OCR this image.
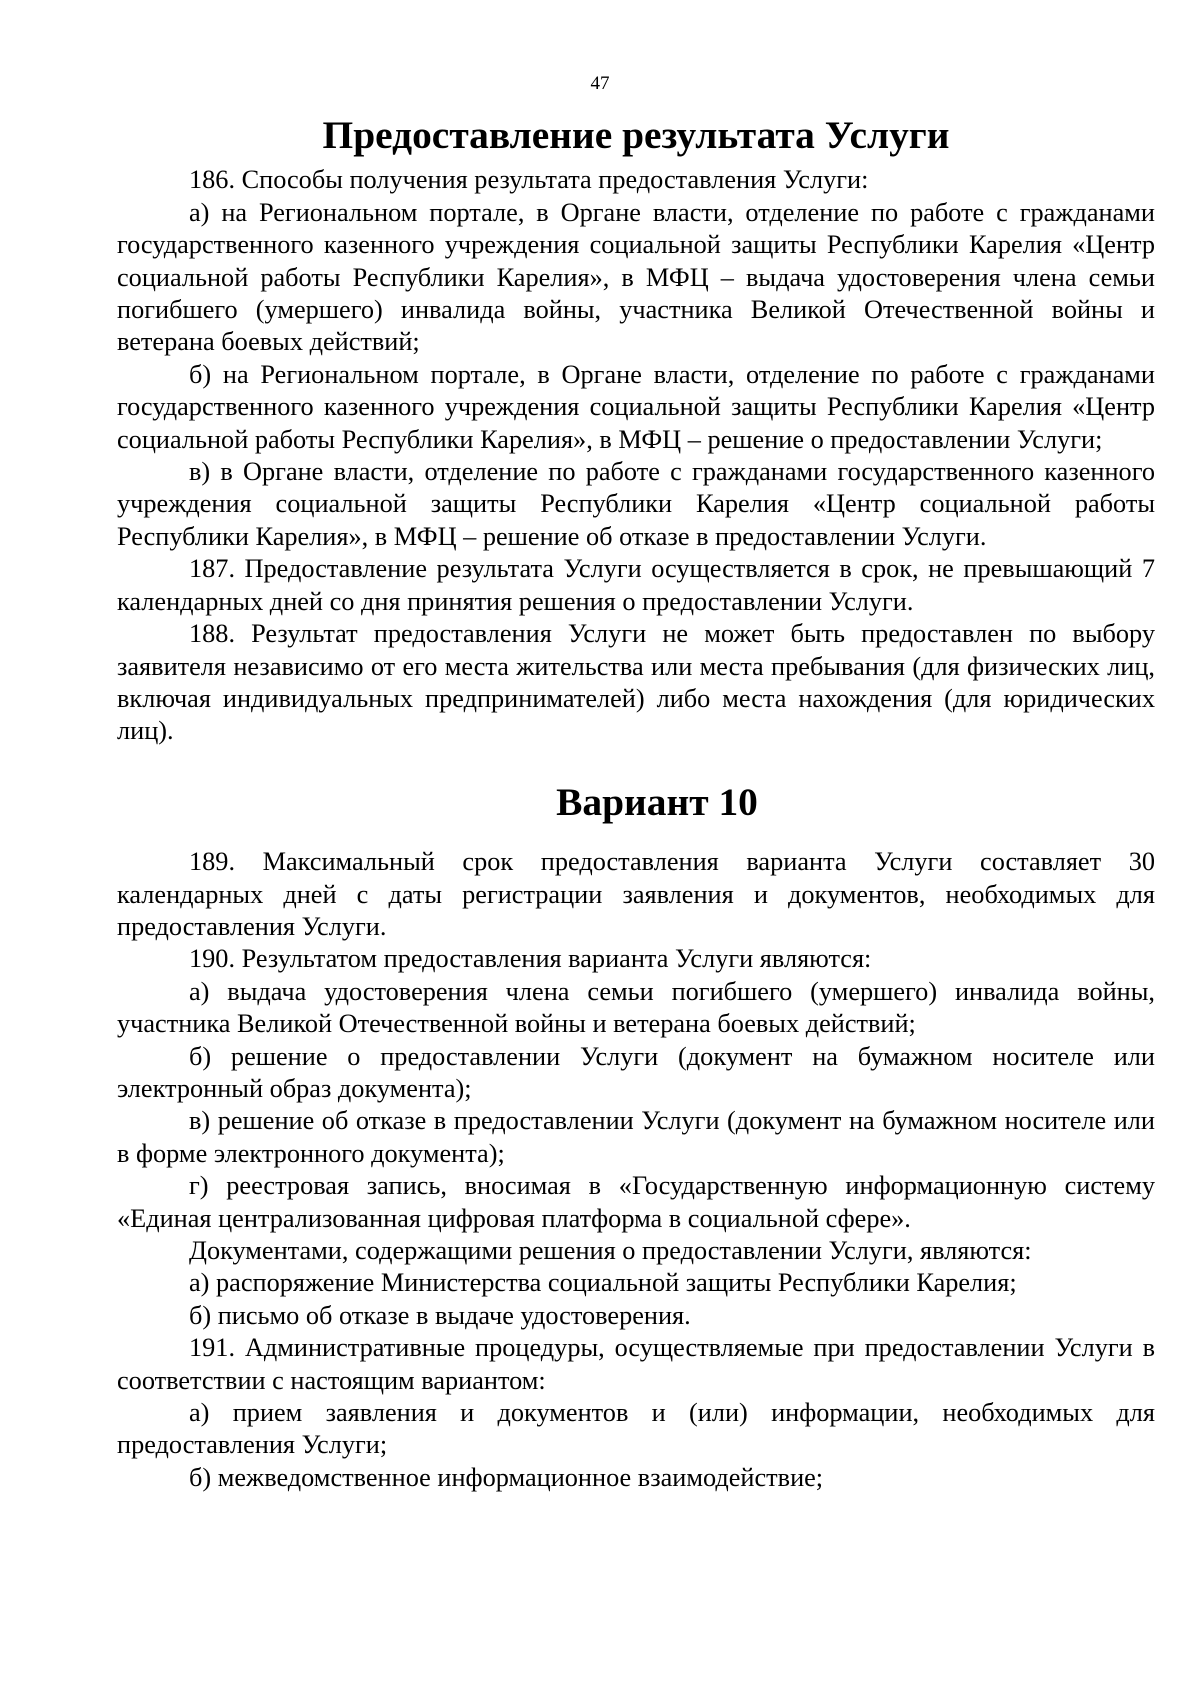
47
Предоставление результата Услуги

186. Способы получения результата предоставления Услуги:

а) на Региональном портале, в Органе власти, отделение по работе с гражданами государственного казенного учреждения социальной защиты Республики Карелия «Центр социальной работы Республики Карелия», в МФЦ – выдача удостоверения члена семьи погибшего (умершего) инвалида войны, участника Великой Отечественной войны и ветерана боевых действий;

б) на Региональном портале, в Органе власти, отделение по работе с гражданами государственного казенного учреждения социальной защиты Республики Карелия «Центр социальной работы Республики Карелия», в МФЦ – решение о предоставлении Услуги;

в) в Органе власти, отделение по работе с гражданами государственного казенного учреждения социальной защиты Республики Карелия «Центр социальной работы Республики Карелия», в МФЦ – решение об отказе в предоставлении Услуги.

187. Предоставление результата Услуги осуществляется в срок, не превышающий 7 календарных дней со дня принятия решения о предоставлении Услуги.

188. Результат предоставления Услуги не может быть предоставлен по выбору заявителя независимо от его места жительства или места пребывания (для физических лиц, включая индивидуальных предпринимателей) либо места нахождения (для юридических лиц).

Вариант 10

189. Максимальный срок предоставления варианта Услуги составляет 30 календарных дней с даты регистрации заявления и документов, необходимых для предоставления Услуги.

190. Результатом предоставления варианта Услуги являются:

а) выдача удостоверения члена семьи погибшего (умершего) инвалида войны, участника Великой Отечественной войны и ветерана боевых действий;

б) решение о предоставлении Услуги (документ на бумажном носителе или электронный образ документа);

в) решение об отказе в предоставлении Услуги (документ на бумажном носителе или в форме электронного документа);

г) реестровая запись, вносимая в «Государственную информационную систему «Единая централизованная цифровая платформа в социальной сфере».

Документами, содержащими решения о предоставлении Услуги, являются:

а) распоряжение Министерства социальной защиты Республики Карелия;

б) письмо об отказе в выдаче удостоверения.

191. Административные процедуры, осуществляемые при предоставлении Услуги в соответствии с настоящим вариантом:

а) прием заявления и документов и (или) информации, необходимых для предоставления Услуги;

б) межведомственное информационное взаимодействие;
